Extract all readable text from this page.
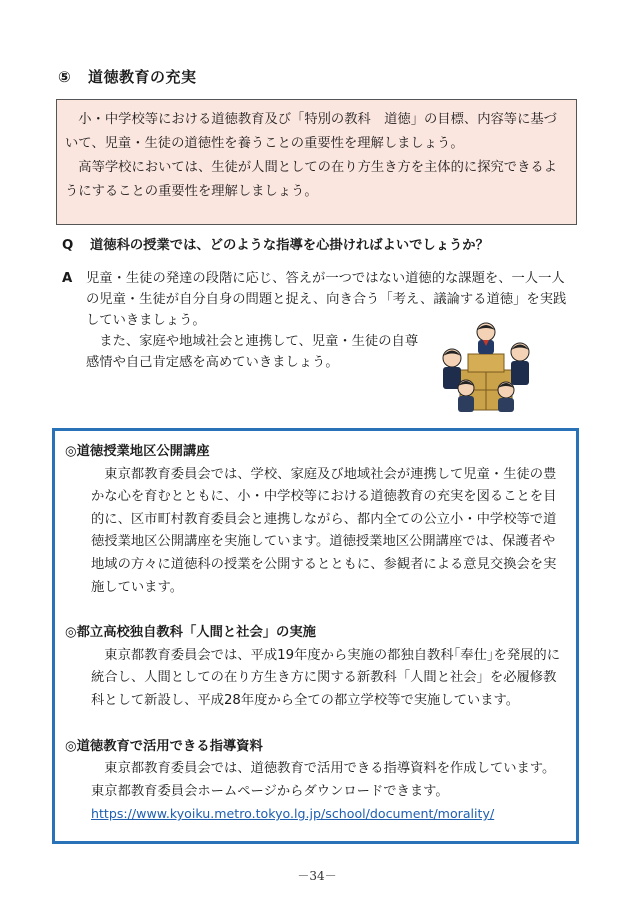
⑤ 道徳教育の充実

小・中学校等における道徳教育及び「特別の教科　道徳」の目標、内容等に基づいて、児童・生徒の道徳性を養うことの重要性を理解しましょう。

高等学校においては、生徒が人間としての在り方生き方を主体的に探究できるようにすることの重要性を理解しましょう。

Q 道徳科の授業では、どのような指導を心掛ければよいでしょうか？
A 児童・生徒の発達の段階に応じ、答えが一つではない道徳的な課題を、一人一人の児童・生徒が自分自身の問題と捉え、向き合う「考え、議論する道徳」を実践していきましょう。

また、家庭や地域社会と連携して、児童・生徒の自尊感情や自己肯定感を高めていきましょう。

◎道徳授業地区公開講座

東京都教育委員会では、学校、家庭及び地域社会が連携して児童・生徒の豊かな心を育むとともに、小・中学校等における道徳教育の充実を図ることを目的に、区市町村教育委員会と連携しながら、都内全ての公立小・中学校等で道徳授業地区公開講座を実施しています。道徳授業地区公開講座では、保護者や地域の方々に道徳科の授業を公開するとともに、参観者による意見交換会を実施しています。

◎都立高校独自教科「人間と社会」の実施

東京都教育委員会では、平成19年度から実施の都独自教科｢奉仕｣を発展的に統合し、人間としての在り方生き方に関する新教科「人間と社会」を必履修教科として新設し、平成28年度から全ての都立学校等で実施しています。

◎道徳教育で活用できる指導資料

東京都教育委員会では、道徳教育で活用できる指導資料を作成しています。東京都教育委員会ホームページからダウンロードできます。

https://www.kyoiku.metro.tokyo.lg.jp/school/document/morality/

－34－
